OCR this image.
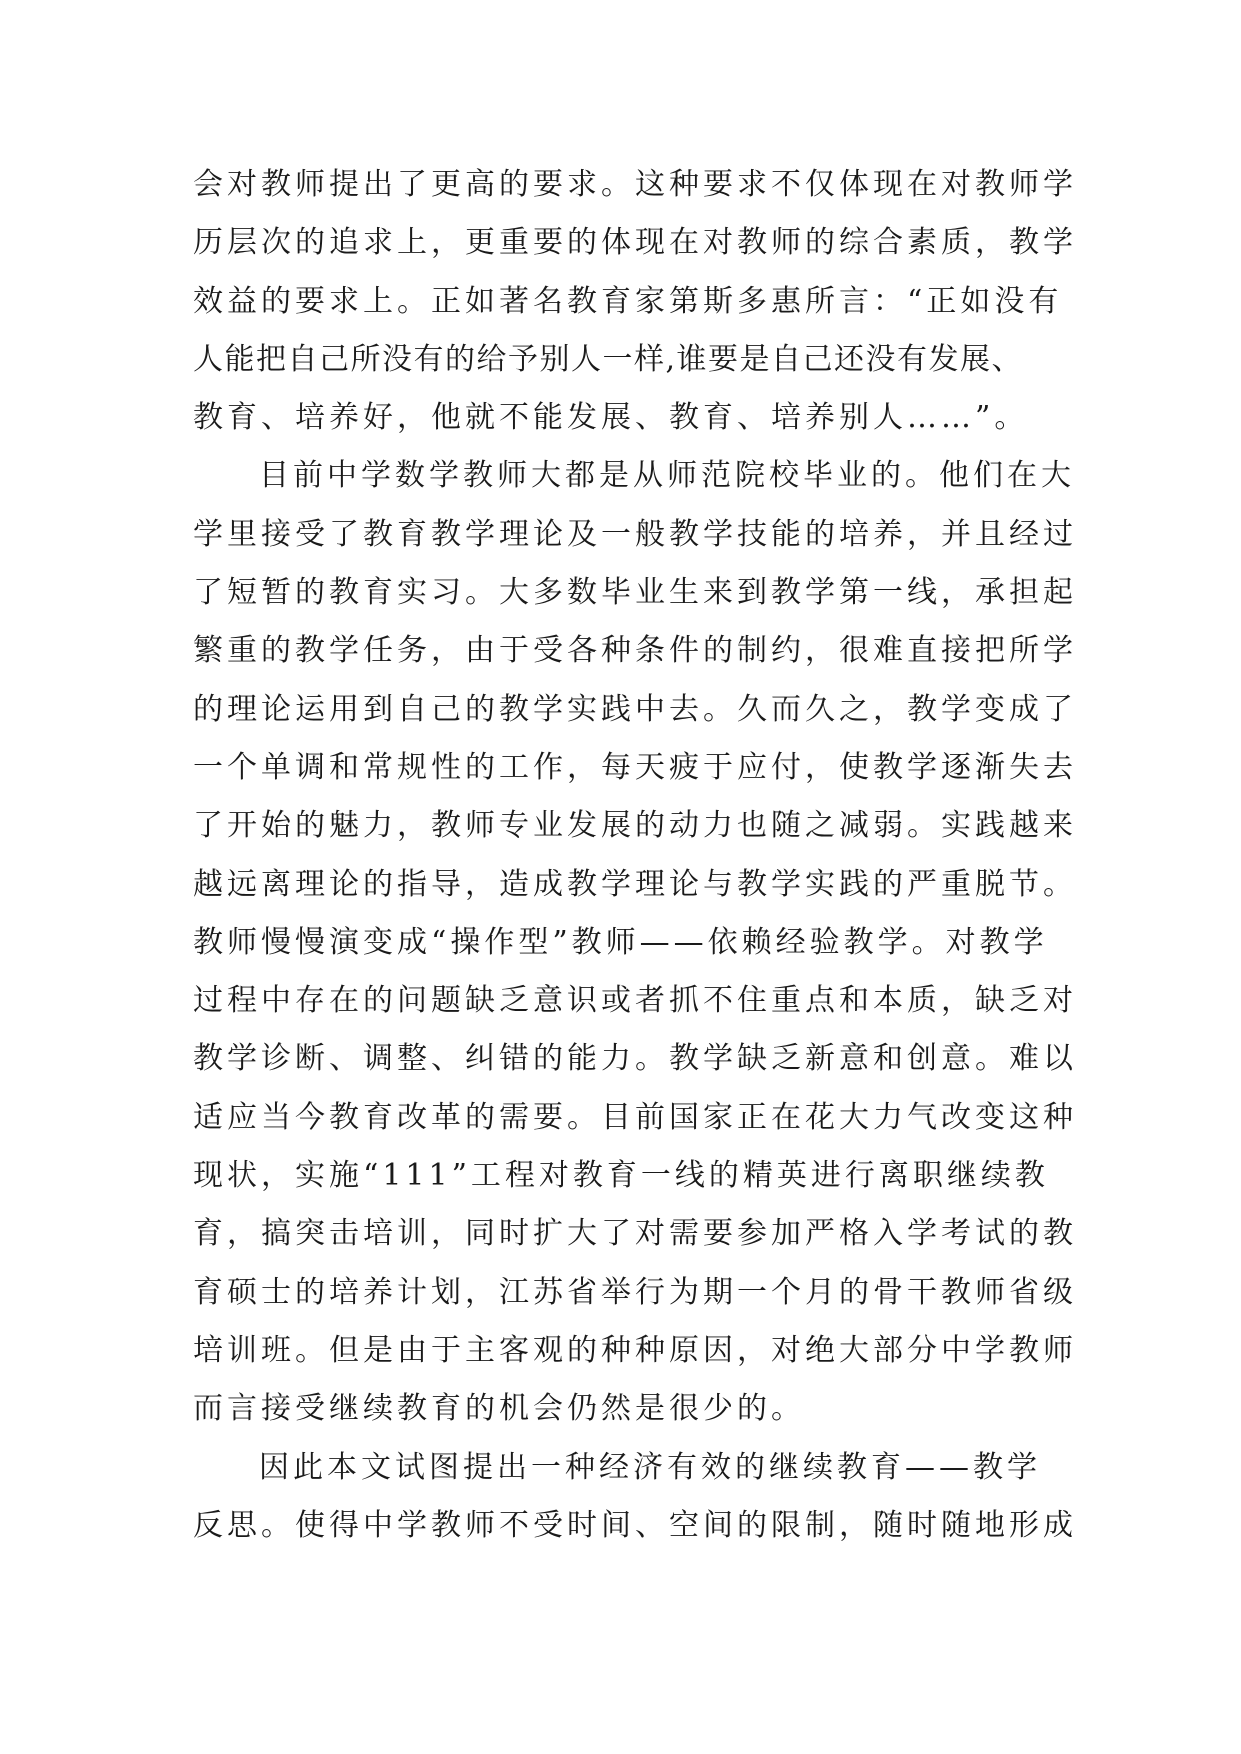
会对教师提出了更高的要求。这种要求不仅体现在对教师学
历层次的追求上，更重要的体现在对教师的综合素质，教学
效益的要求上。正如著名教育家第斯多惠所言：“正如没有
人能把自己所没有的给予别人一样,谁要是自己还没有发展、
教育、培养好，他就不能发展、教育、培养别人……”。
目前中学数学教师大都是从师范院校毕业的。他们在大
学里接受了教育教学理论及一般教学技能的培养，并且经过
了短暂的教育实习。大多数毕业生来到教学第一线，承担起
繁重的教学任务，由于受各种条件的制约，很难直接把所学
的理论运用到自己的教学实践中去。久而久之，教学变成了
一个单调和常规性的工作，每天疲于应付，使教学逐渐失去
了开始的魅力，教师专业发展的动力也随之减弱。实践越来
越远离理论的指导，造成教学理论与教学实践的严重脱节。
教师慢慢演变成“操作型”教师——依赖经验教学。对教学
过程中存在的问题缺乏意识或者抓不住重点和本质，缺乏对
教学诊断、调整、纠错的能力。教学缺乏新意和创意。难以
适应当今教育改革的需要。目前国家正在花大力气改变这种
现状，实施“111”工程对教育一线的精英进行离职继续教
育，搞突击培训，同时扩大了对需要参加严格入学考试的教
育硕士的培养计划，江苏省举行为期一个月的骨干教师省级
培训班。但是由于主客观的种种原因，对绝大部分中学教师
而言接受继续教育的机会仍然是很少的。
因此本文试图提出一种经济有效的继续教育——教学
反思。使得中学教师不受时间、空间的限制，随时随地形成
